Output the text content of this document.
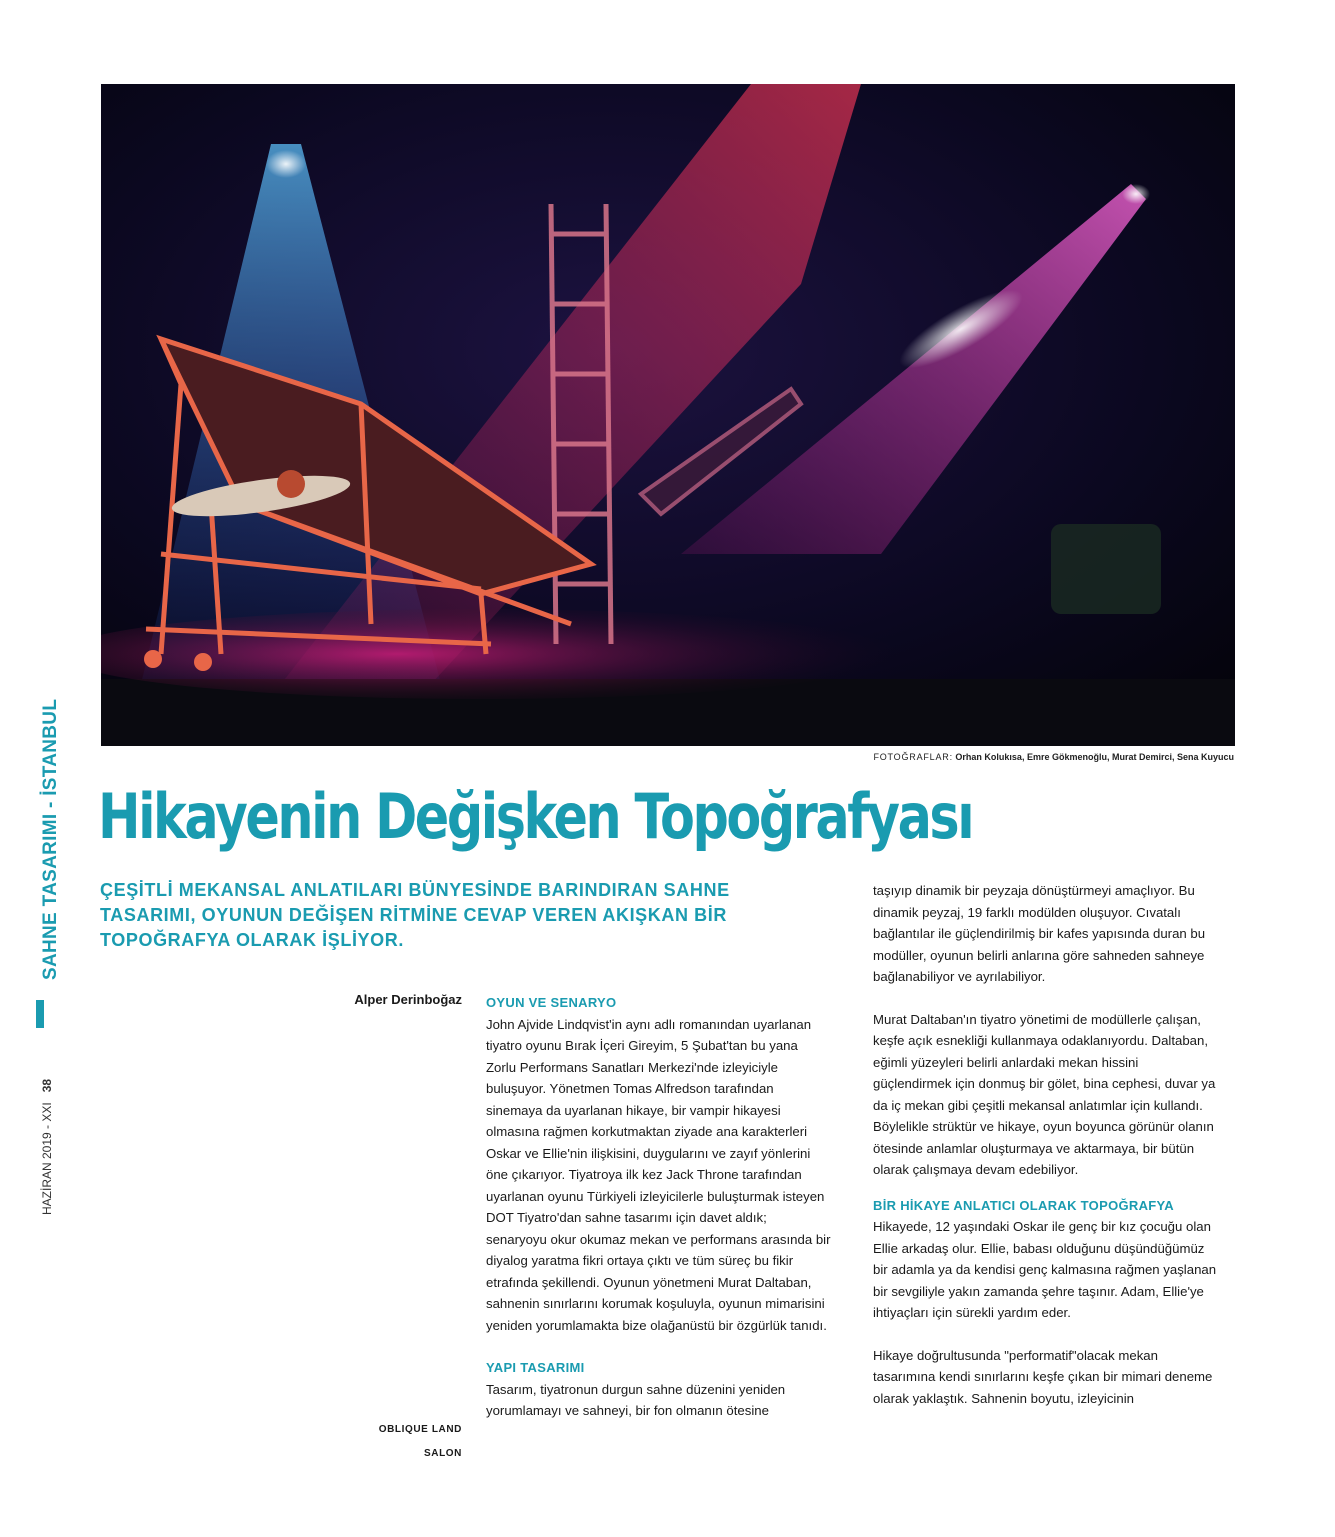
SAHNE TASARIMI - İSTANBUL
HAZİRAN 2019 - XXI38
FOTOĞRAFLAR: Orhan Kolukısa, Emre Gökmenoğlu, Murat Demirci, Sena Kuyucu
Hikayenin Değişken Topoğrafyası
ÇEŞİTLİ MEKANSAL ANLATILARI BÜNYESİNDE BARINDIRAN SAHNE TASARIMI, OYUNUN DEĞİŞEN RİTMİNE CEVAP VEREN AKIŞKAN BİR TOPOĞRAFYA OLARAK İŞLİYOR.
Alper Derinboğaz
OBLIQUE LAND
SALON
OYUN VE SENARYO

John Ajvide Lindqvist'in aynı adlı romanından uyarlanan tiyatro oyunu Bırak İçeri Gireyim, 5 Şubat'tan bu yana Zorlu Performans Sanatları Merkezi'nde izleyiciyle buluşuyor. Yönetmen Tomas Alfredson tarafından sinemaya da uyarlanan hikaye, bir vampir hikayesi olmasına rağmen korkutmaktan ziyade ana karakterleri Oskar ve Ellie'nin ilişkisini, duygularını ve zayıf yönlerini öne çıkarıyor. Tiyatroya ilk kez Jack Throne tarafından uyarlanan oyunu Türkiyeli izleyicilerle buluşturmak isteyen DOT Tiyatro'dan sahne tasarımı için davet aldık; senaryoyu okur okumaz mekan ve performans arasında bir diyalog yaratma fikri ortaya çıktı ve tüm süreç bu fikir etrafında şekillendi. Oyunun yönetmeni Murat Daltaban, sahnenin sınırlarını korumak koşuluyla, oyunun mimarisini yeniden yorumlamakta bize olağanüstü bir özgürlük tanıdı.

YAPI TASARIMI

Tasarım, tiyatronun durgun sahne düzenini yeniden yorumlamayı ve sahneyi, bir fon olmanın ötesine

taşıyıp dinamik bir peyzaja dönüştürmeyi amaçlıyor. Bu dinamik peyzaj, 19 farklı modülden oluşuyor. Cıvatalı bağlantılar ile güçlendirilmiş bir kafes yapısında duran bu modüller, oyunun belirli anlarına göre sahneden sahneye bağlanabiliyor ve ayrılabiliyor.

Murat Daltaban'ın tiyatro yönetimi de modüllerle çalışan, keşfe açık esnekliği kullanmaya odaklanıyordu. Daltaban, eğimli yüzeyleri belirli anlardaki mekan hissini güçlendirmek için donmuş bir gölet, bina cephesi, duvar ya da iç mekan gibi çeşitli mekansal anlatımlar için kullandı. Böylelikle strüktür ve hikaye, oyun boyunca görünür olanın ötesinde anlamlar oluşturmaya ve aktarmaya, bir bütün olarak çalışmaya devam edebiliyor.

BİR HİKAYE ANLATICI OLARAK TOPOĞRAFYA

Hikayede, 12 yaşındaki Oskar ile genç bir kız çocuğu olan Ellie arkadaş olur. Ellie, babası olduğunu düşündüğümüz bir adamla ya da kendisi genç kalmasına rağmen yaşlanan bir sevgiliyle yakın zamanda şehre taşınır. Adam, Ellie'ye ihtiyaçları için sürekli yardım eder.

Hikaye doğrultusunda "performatif"olacak mekan tasarımına kendi sınırlarını keşfe çıkan bir mimari deneme olarak yaklaştık. Sahnenin boyutu, izleyicinin
